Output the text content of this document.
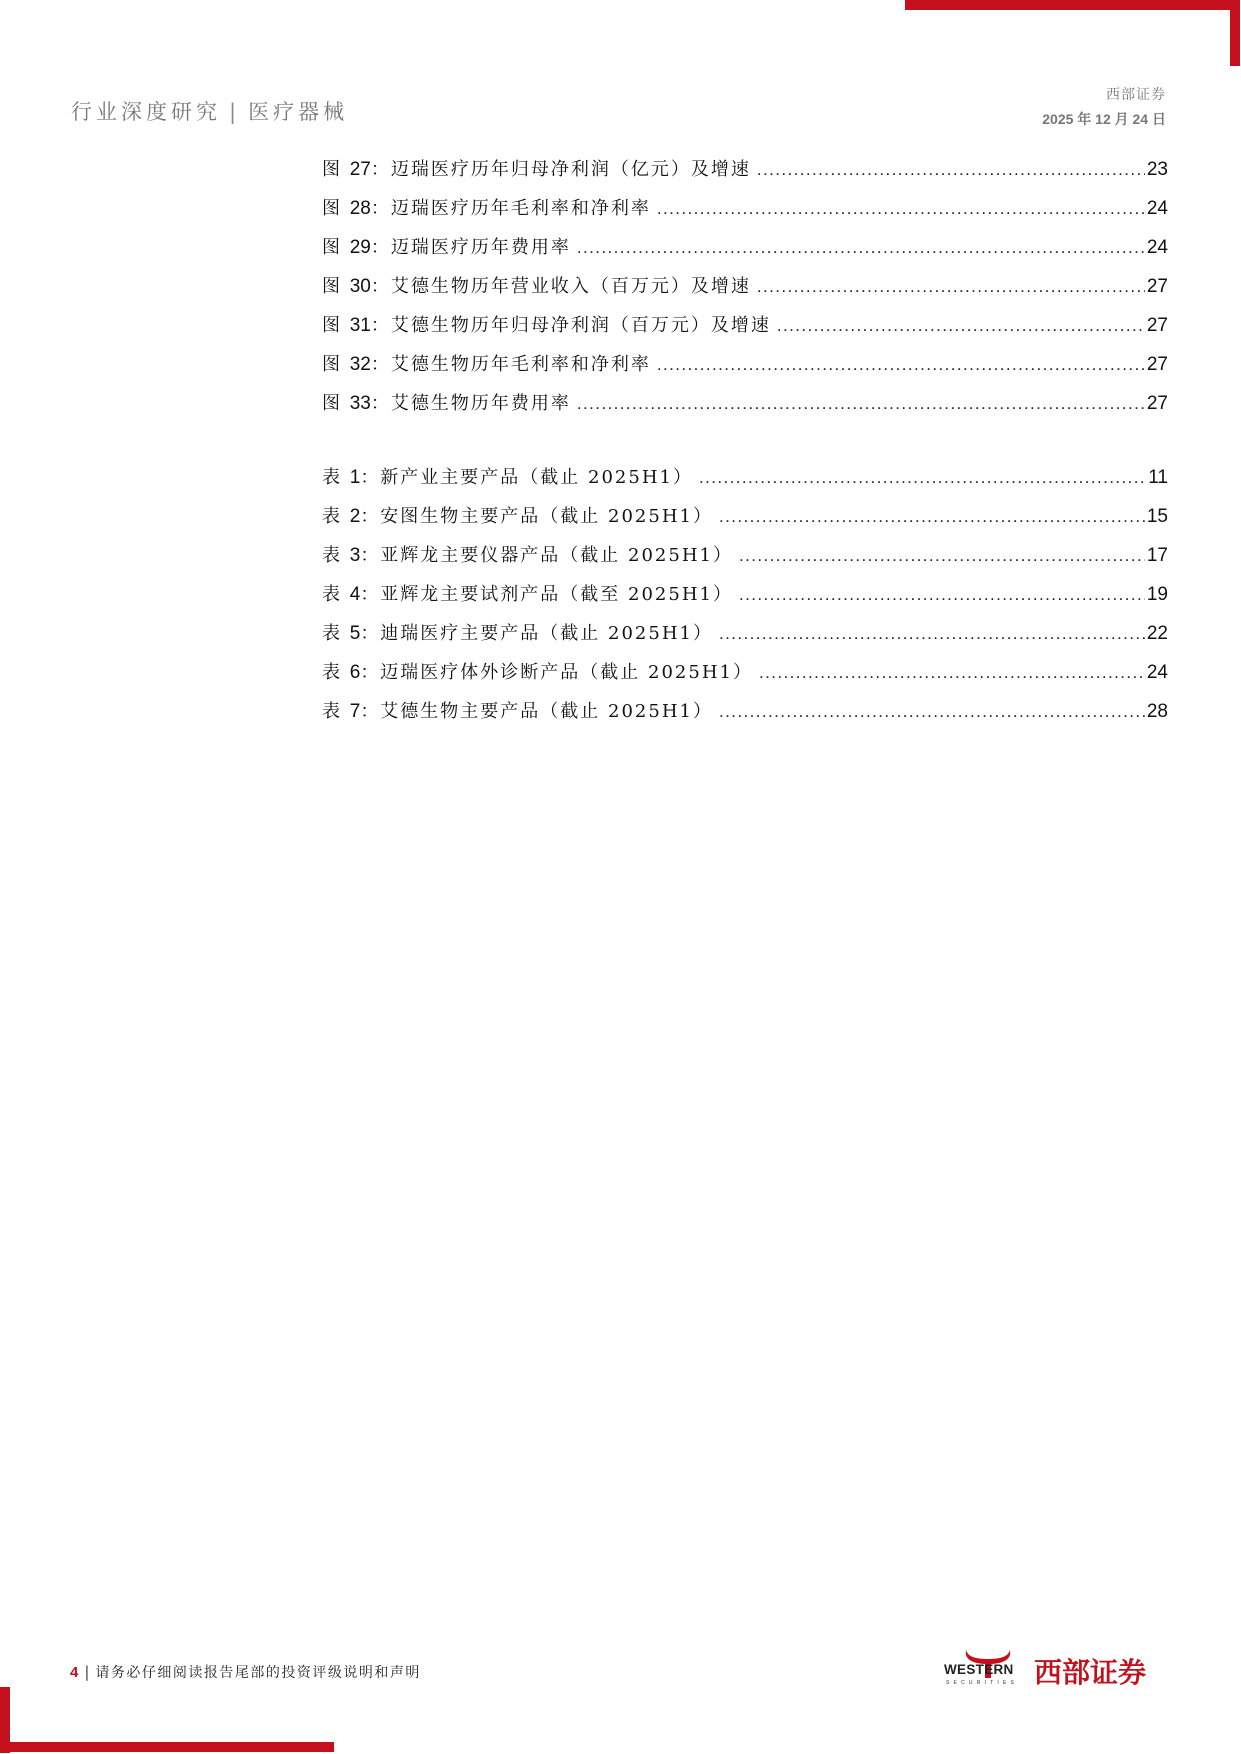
行业深度研究 | 医疗器械
西部证券
2025 年 12 月 24 日
图 27：迈瑞医疗历年归母净利润（亿元）及增速 .....	23
图 28：迈瑞医疗历年毛利率和净利率 .....	24
图 29：迈瑞医疗历年费用率 .....	24
图 30：艾德生物历年营业收入（百万元）及增速 .....	27
图 31：艾德生物历年归母净利润（百万元）及增速 .....	27
图 32：艾德生物历年毛利率和净利率 .....	27
图 33：艾德生物历年费用率 .....	27
表 1：新产业主要产品（截止 2025H1） .....	11
表 2：安图生物主要产品（截止 2025H1） .....	15
表 3：亚辉龙主要仪器产品（截止 2025H1） .....	17
表 4：亚辉龙主要试剂产品（截至 2025H1） .....	19
表 5：迪瑞医疗主要产品（截止 2025H1） .....	22
表 6：迈瑞医疗体外诊断产品（截止 2025H1） .....	24
表 7：艾德生物主要产品（截止 2025H1） .....	28
4 | 请务必仔细阅读报告尾部的投资评级说明和声明	WESTERN
SECURITIES 西部证券
